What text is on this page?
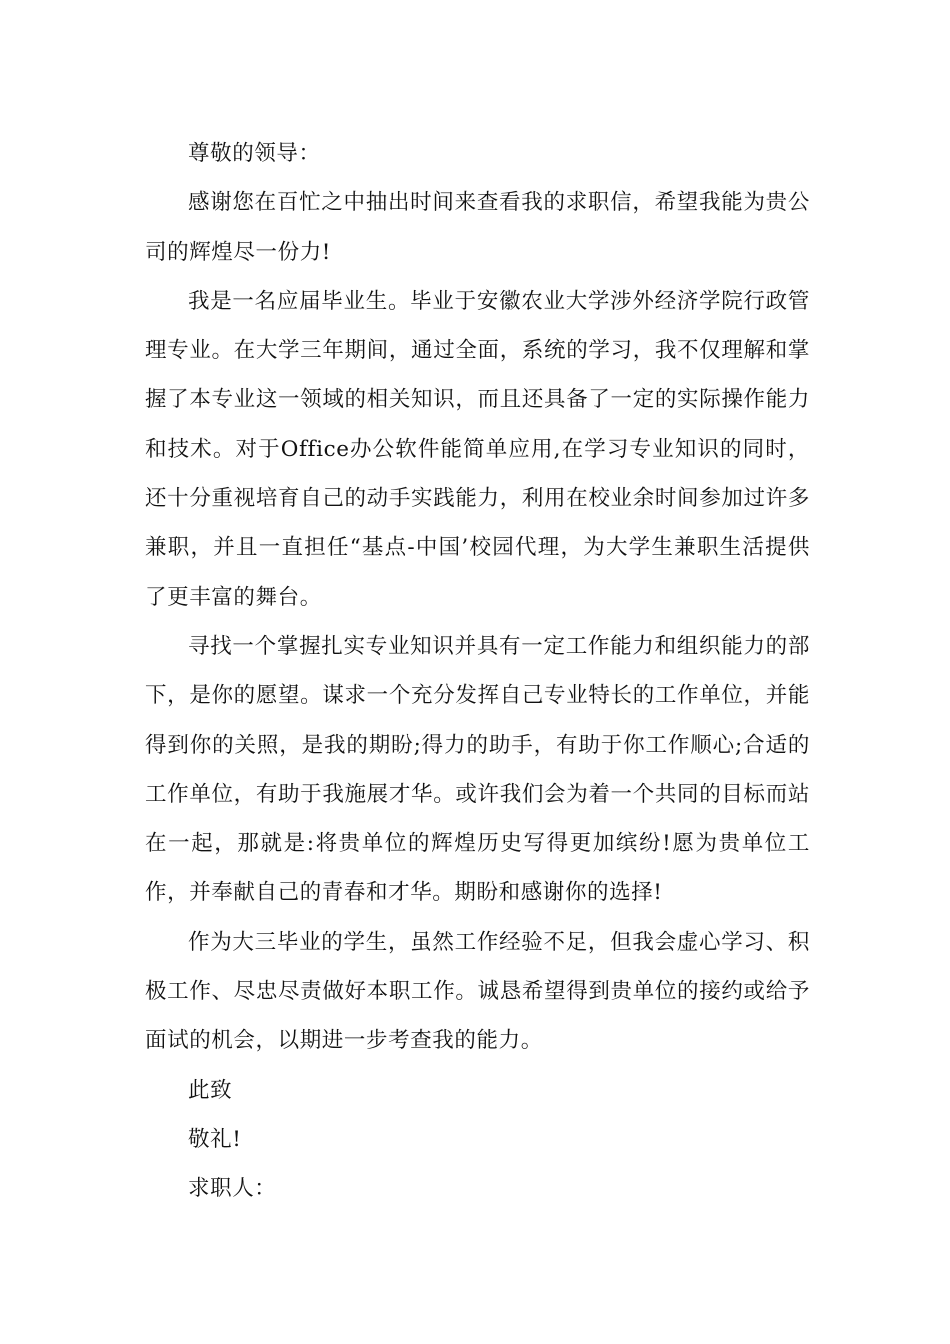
尊敬的领导：

感谢您在百忙之中抽出时间来查看我的求职信，希望我能为贵公司的辉煌尽一份力!

我是一名应届毕业生。毕业于安徽农业大学涉外经济学院行政管理专业。在大学三年期间，通过全面，系统的学习，我不仅理解和掌握了本专业这一领域的相关知识，而且还具备了一定的实际操作能力和技术。对于Office办公软件能简单应用,在学习专业知识的同时，还十分重视培育自己的动手实践能力，利用在校业余时间参加过许多兼职，并且一直担任“基点-中国’校园代理，为大学生兼职生活提供了更丰富的舞台。

寻找一个掌握扎实专业知识并具有一定工作能力和组织能力的部下，是你的愿望。谋求一个充分发挥自己专业特长的工作单位，并能得到你的关照，是我的期盼;得力的助手，有助于你工作顺心;合适的工作单位，有助于我施展才华。或许我们会为着一个共同的目标而站在一起，那就是:将贵单位的辉煌历史写得更加缤纷!愿为贵单位工作，并奉献自己的青春和才华。期盼和感谢你的选择!

作为大三毕业的学生，虽然工作经验不足，但我会虚心学习、积极工作、尽忠尽责做好本职工作。诚恳希望得到贵单位的接约或给予面试的机会，以期进一步考查我的能力。

此致

敬礼!

求职人：
